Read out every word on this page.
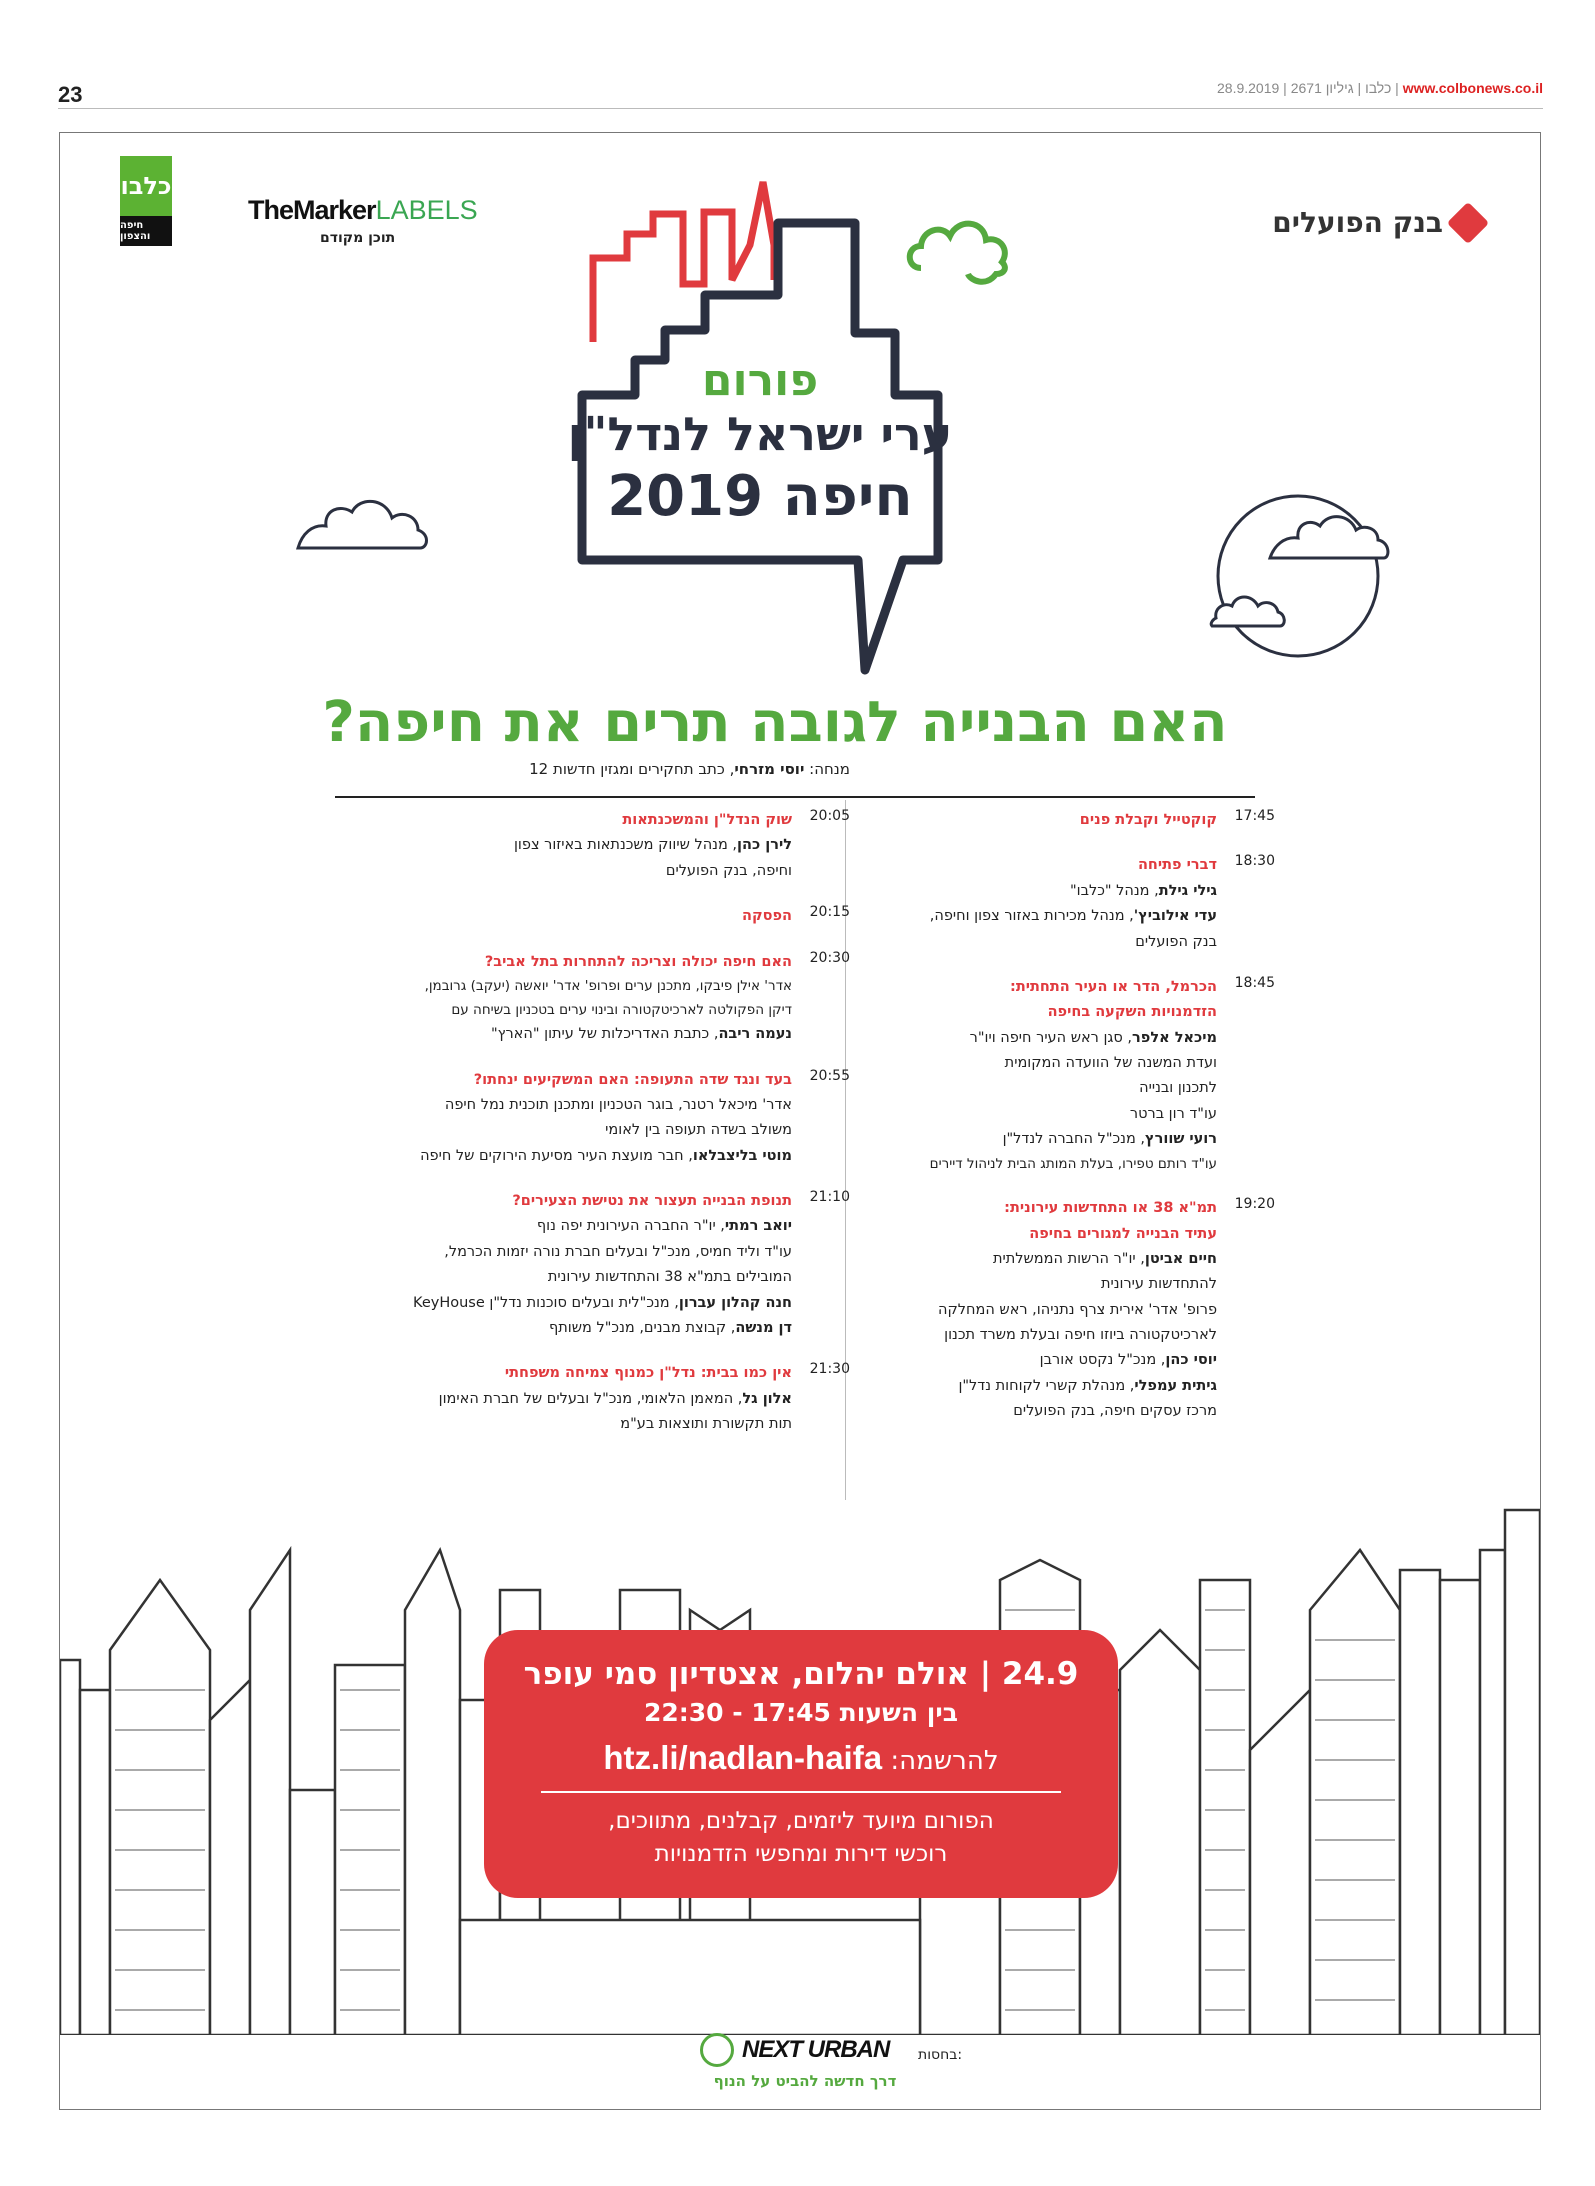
23	www.colbonews.co.il | כלבו | גיליון 2671 | 28.9.2019
כלבו
חיפה והצפון
TheMarkerLABELS
תוכן מקודם	בנק הפועלים
פורום
ערי ישראל לנדל"ן
חיפה 2019
האם הבנייה לגובה תרים את חיפה?
מנחה: יוסי מזרחי, כתב תחקירים ומגזין חדשות 12
17:45
קוקטייל וקבלת פנים
18:30
דברי פתיחה
גילי גילת, מנהל "כלבו"
עדי אילוביץ', מנהל מכירות באזור צפון וחיפה,
בנק הפועלים
18:45
הכרמל, הדר או העיר התחתית:
הזדמנויות השקעה בחיפה
מיכאל אלפר, סגן ראש העיר חיפה ויו"ר
ועדת המשנה של הוועדה המקומית
לתכנון ובנייה
עו"ד רון ברטר
רועי שוורץ, מנכ"ל החברה לנדל"ן
עו"ד רותם טפירו, בעלת המותג הבית לניהול דיירים
19:20
תמ"א 38 או התחדשות עירונית:
עתיד הבנייה למגורים בחיפה
חיים אביטן, יו"ר הרשות הממשלתית
להתחדשות עירונית
פרופ' אדר' אירית צרף נתניהו, ראש המחלקה
לארכיטקטורה ביוזו חיפה ובעלת משרד תכנון
יוסי כהן, מנכ"ל נקסט אורבן
גיתית עמפלי, מנהלת קשרי לקוחות נדל"ן
מרכז עסקים חיפה, בנק הפועלים
20:05
שוק הנדל"ן והמשכנתאות
לירן כהן, מנהל שיווק משכנתאות באיזור צפון
וחיפה, בנק הפועלים
20:15
הפסקה
20:30
האם חיפה יכולה וצריכה להתחרות בתל אביב?
אדר' אילן פיבקו, מתכנן ערים ופרופ' אדר' יואשה (יעקב) גרובמן,
דיקן הפקולטה לארכיטקטורה ובינוי ערים בטכניון בשיחה עם
נעמה ריבה, כתבת האדריכלות של עיתון "הארץ"
20:55
בעד ונגד שדה התעופה: האם המשקיעים ינחתו?
אדר' מיכאל רטנר, בוגר הטכניון ומתכנן תוכנית נמל חיפה
משולב בשדה תעופה בין לאומי
מוטי בליצבלאו, חבר מועצת העיר מסיעת הירוקים של חיפה
21:10
תנופת הבנייה תעצור את נטישת הצעירים?
יואב רמתי, יו"ר החברה העירונית יפה נוף
עו"ד וליד חמיס, מנכ"ל ובעלים חברת נורה יזמות הכרמל,
המובילים בתמ"א 38 והתחדשות עירונית
חנה קהלון עברון, מנכ"לית ובעלים סוכנות נדל"ן KeyHouse
דן מנשה, קבוצת מבנים, מנכ"ל משותף
21:30
אין כמו בבית: נדל"ן כמנוף צמיחה משפחתי
אלון גל, המאמן הלאומי, מנכ"ל ובעלים של חברת האימון
תות תקשורת ותוצאות בע"מ
24.9 | אולם יהלום, אצטדיון סמי עופר
בין השעות 17:45 - 22:30
להרשמה: htz.li/nadlan-haifa
הפורום מיועד ליזמים, קבלנים, מתווכים,
רוכשי דירות ומחפשי הזדמנויות
בחסות:
NEXT URBAN
דרך חדשה להביט על הנוף
